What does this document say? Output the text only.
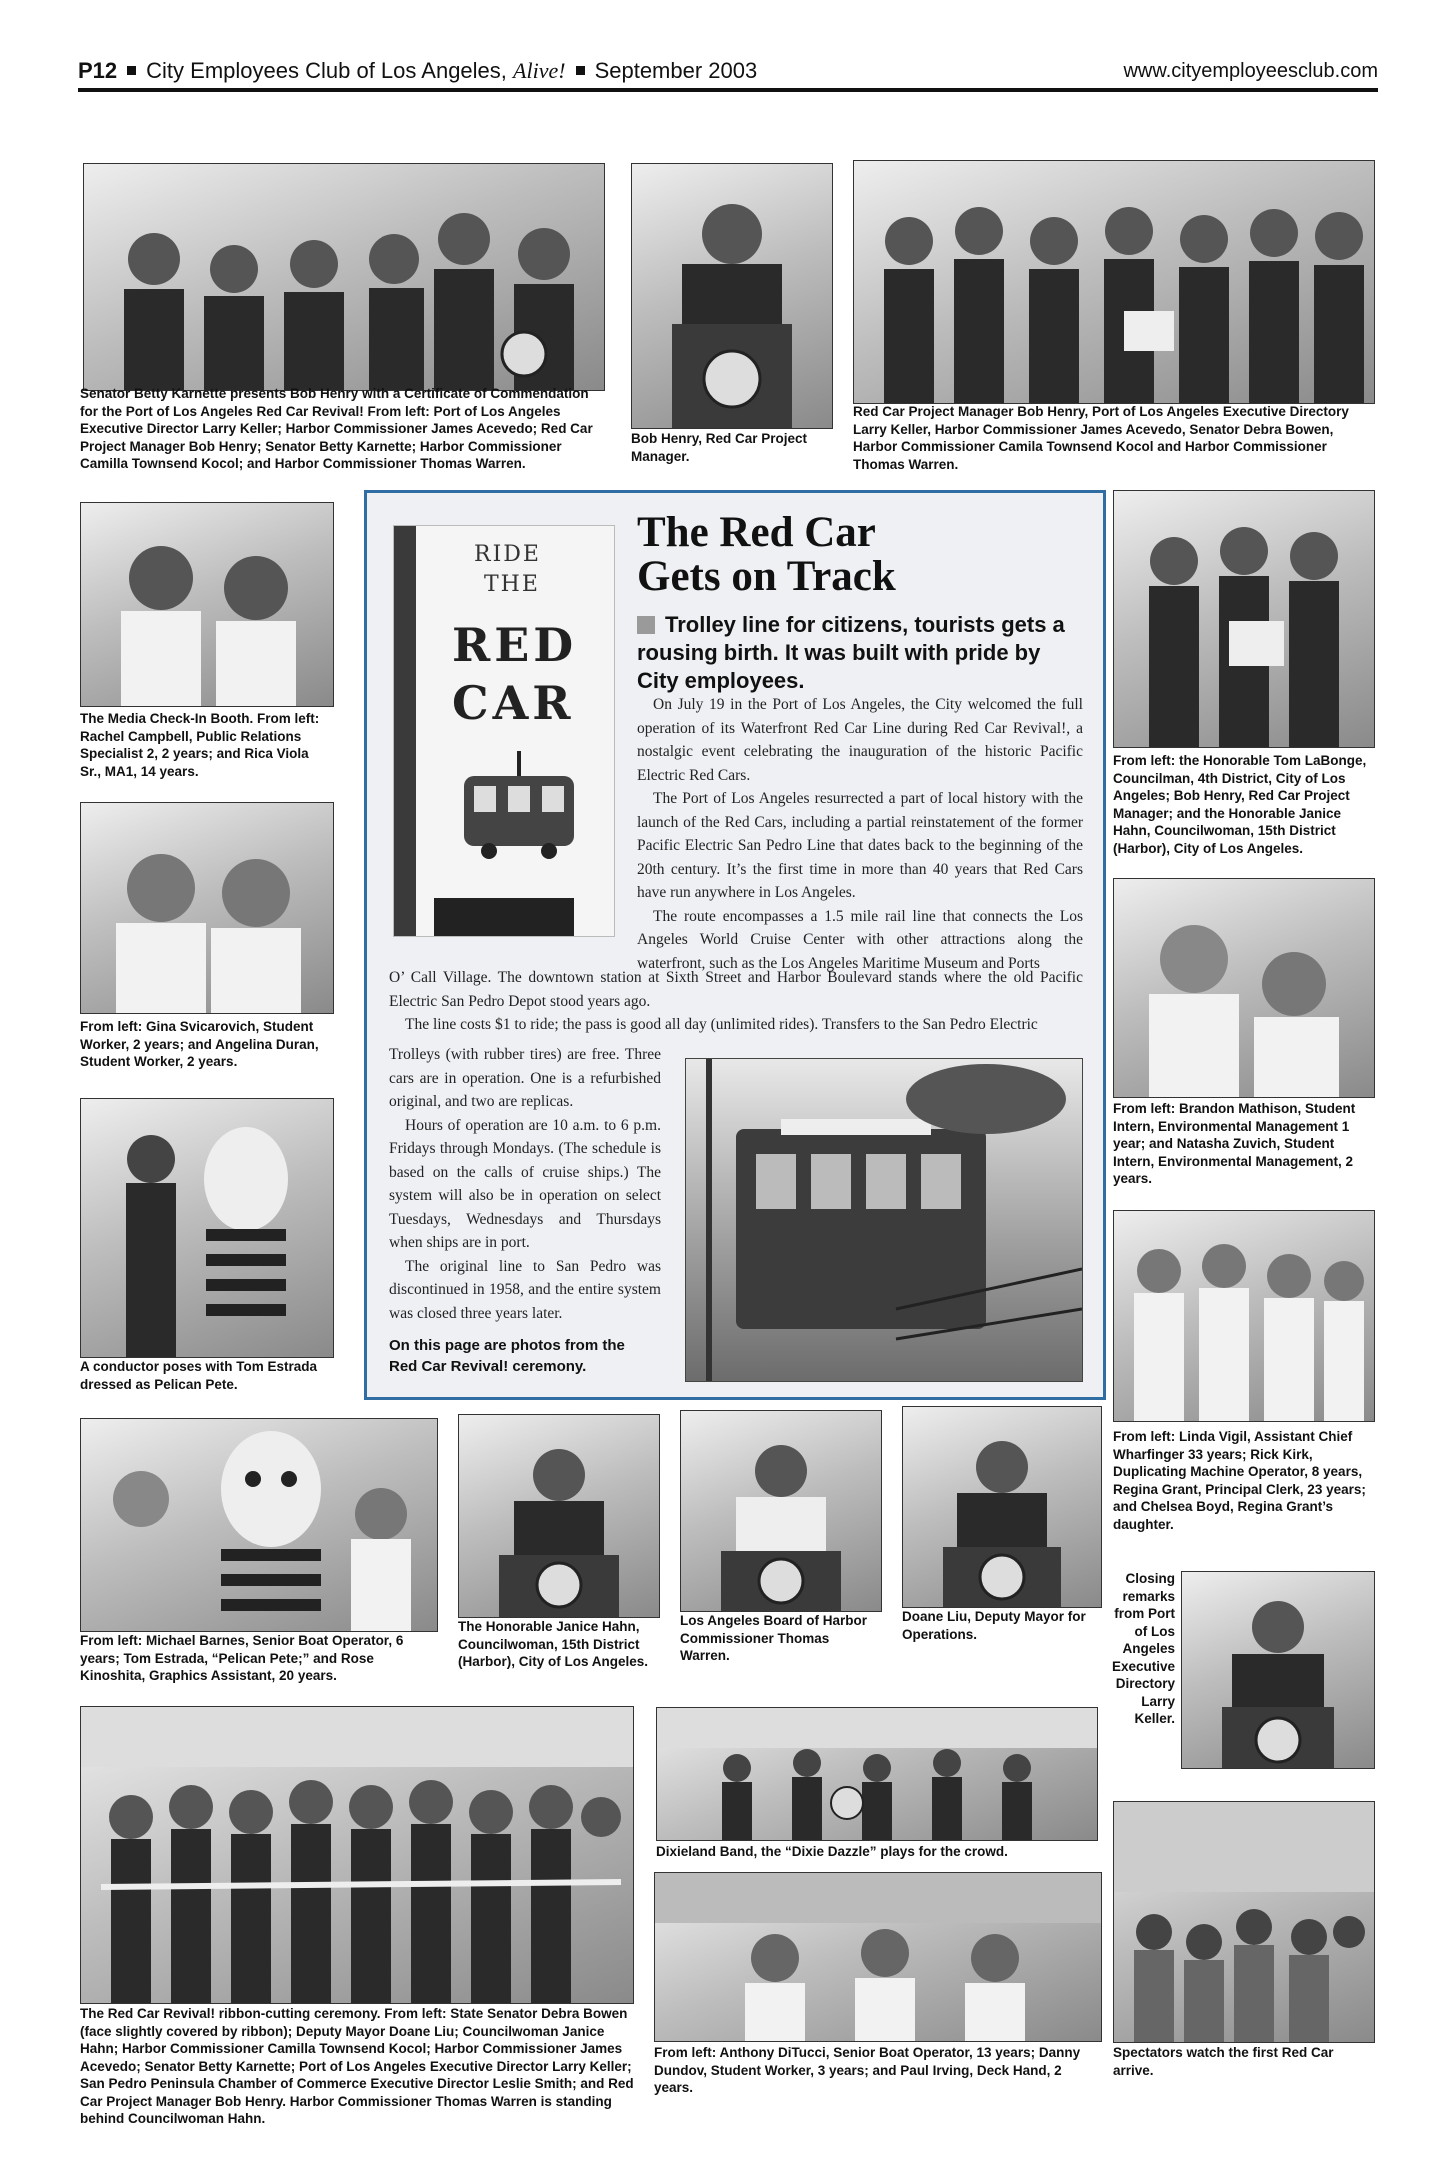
P12 City Employees Club of Los Angeles, Alive! September 2003	www.cityemployeesclub.com
Senator Betty Karnette presents Bob Henry with a Certificate of Commendation for the Port of Los Angeles Red Car Revival! From left: Port of Los Angeles Executive Director Larry Keller; Harbor Commissioner James Acevedo; Red Car Project Manager Bob Henry; Senator Betty Karnette; Harbor Commissioner Camilla Townsend Kocol; and Harbor Commissioner Thomas Warren.
Bob Henry, Red Car Project Manager.
Red Car Project Manager Bob Henry, Port of Los Angeles Executive Directory Larry Keller, Harbor Commissioner James Acevedo, Senator Debra Bowen, Harbor Commissioner Camila Townsend Kocol and Harbor Commissioner Thomas Warren.
The Media Check-In Booth. From left: Rachel Campbell, Public Relations Specialist 2, 2 years; and Rica Viola Sr., MA1, 14 years.
From left: Gina Svicarovich, Student Worker, 2 years; and Angelina Duran, Student Worker, 2 years.
A conductor poses with Tom Estrada dressed as Pelican Pete.
From left: the Honorable Tom LaBonge, Councilman, 4th District, City of Los Angeles; Bob Henry, Red Car Project Manager; and the Honorable Janice Hahn, Councilwoman, 15th District (Harbor), City of Los Angeles.
From left: Brandon Mathison, Student Intern, Environmental Management 1 year; and Natasha Zuvich, Student Intern, Environmental Management, 2 years.
From left: Linda Vigil, Assistant Chief Wharfinger 33 years; Rick Kirk, Duplicating Machine Operator, 8 years, Regina Grant, Principal Clerk, 23 years; and Chelsea Boyd, Regina Grant’s daughter.
Closing remarks from Port of Los Angeles Executive Directory Larry Keller.
Spectators watch the first Red Car arrive.
RIDE
THE
RED
CAR
The Red Car
Gets on Track
Trolley line for citizens, tourists gets a rousing birth. It was built with pride by City employees.

On July 19 in the Port of Los Angeles, the City welcomed the full operation of its Waterfront Red Car Line during Red Car Revival!, a nostalgic event celebrating the inauguration of the historic Pacific Electric Red Cars.

The Port of Los Angeles resurrected a part of local history with the launch of the Red Cars, including a partial reinstatement of the former Pacific Electric San Pedro Line that dates back to the beginning of the 20th century. It’s the first time in more than 40 years that Red Cars have run anywhere in Los Angeles.

The route encompasses a 1.5 mile rail line that connects the Los Angeles World Cruise Center with other attractions along the waterfront, such as the Los Angeles Maritime Museum and Ports

O’ Call Village. The downtown station at Sixth Street and Harbor Boulevard stands where the old Pacific Electric San Pedro Depot stood years ago.

The line costs $1 to ride; the pass is good all day (unlimited rides). Transfers to the San Pedro Electric

Trolleys (with rubber tires) are free. Three cars are in operation. One is a refurbished original, and two are replicas.

Hours of operation are 10 a.m. to 6 p.m. Fridays through Mondays. (The schedule is based on the calls of cruise ships.) The system will also be in operation on select Tuesdays, Wednesdays and Thursdays when ships are in port.

The original line to San Pedro was discontinued in 1958, and the entire system was closed three years later.

On this page are photos from the Red Car Revival! ceremony.
From left: Michael Barnes, Senior Boat Operator, 6 years; Tom Estrada, “Pelican Pete;” and Rose Kinoshita, Graphics Assistant, 20 years.
The Honorable Janice Hahn, Councilwoman, 15th District (Harbor), City of Los Angeles.
Los Angeles Board of Harbor Commissioner Thomas Warren.
Doane Liu, Deputy Mayor for Operations.
The Red Car Revival! ribbon-cutting ceremony. From left: State Senator Debra Bowen (face slightly covered by ribbon); Deputy Mayor Doane Liu; Councilwoman Janice Hahn; Harbor Commissioner Camilla Townsend Kocol; Harbor Commissioner James Acevedo; Senator Betty Karnette; Port of Los Angeles Executive Director Larry Keller; San Pedro Peninsula Chamber of Commerce Executive Director Leslie Smith; and Red Car Project Manager Bob Henry. Harbor Commissioner Thomas Warren is standing behind Councilwoman Hahn.
Dixieland Band, the “Dixie Dazzle” plays for the crowd.
From left: Anthony DiTucci, Senior Boat Operator, 13 years; Danny Dundov, Student Worker, 3 years; and Paul Irving, Deck Hand, 2 years.
